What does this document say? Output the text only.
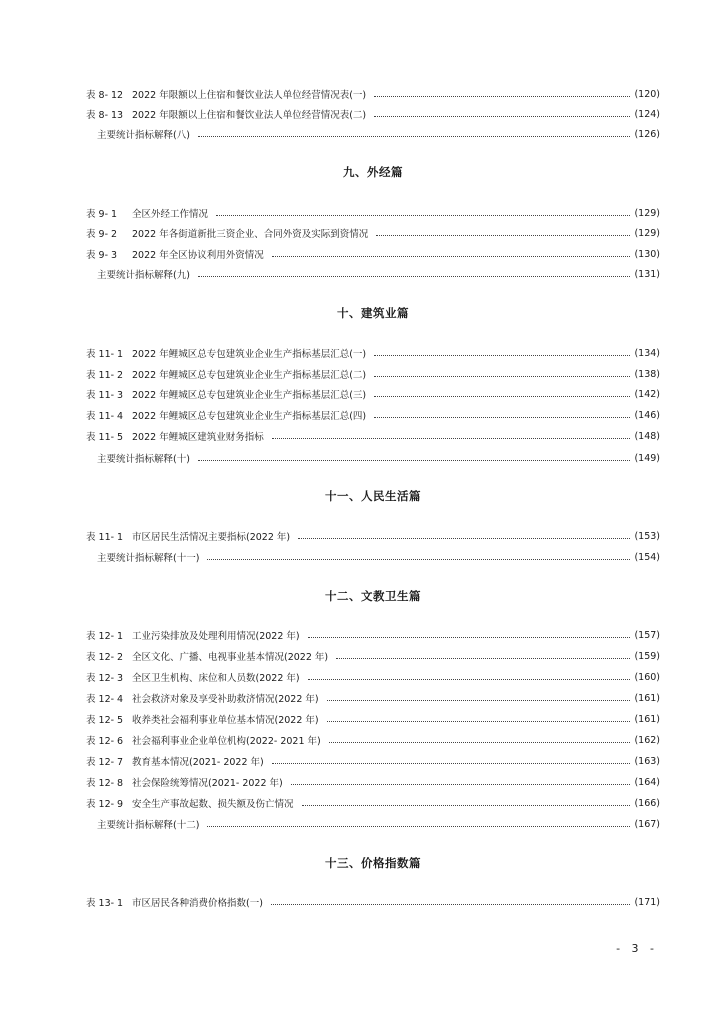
表 8- 12 2022 年限额以上住宿和餐饮业法人单位经营情况表(一)	(120)
表 8- 13 2022 年限额以上住宿和餐饮业法人单位经营情况表(二)	(124)
主要统计指标解释(八)	(126)
九、外经篇
表 9- 1	全区外经工作情况	(129)
表 9- 2	2022 年各街道新批三资企业、合同外资及实际到资情况	(129)
表 9- 3	2022 年全区协议利用外资情况	(130)
主要统计指标解释(九)	(131)
十、建筑业篇
表 11- 1 2022 年鲤城区总专包建筑业企业生产指标基层汇总(一)	(134)
表 11- 2 2022 年鲤城区总专包建筑业企业生产指标基层汇总(二)	(138)
表 11- 3 2022 年鲤城区总专包建筑业企业生产指标基层汇总(三)	(142)
表 11- 4 2022 年鲤城区总专包建筑业企业生产指标基层汇总(四)	(146)
表 11- 5 2022 年鲤城区建筑业财务指标	(148)
主要统计指标解释(十)	(149)
十一、人民生活篇
表 11- 1 市区居民生活情况主要指标(2022 年)	(153)
主要统计指标解释(十一)	(154)
十二、文教卫生篇
表 12- 1 工业污染排放及处理利用情况(2022 年)	(157)
表 12- 2 全区文化、广播、电视事业基本情况(2022 年)	(159)
表 12- 3 全区卫生机构、床位和人员数(2022 年)	(160)
表 12- 4 社会救济对象及享受补助救济情况(2022 年)	(161)
表 12- 5 收养类社会福利事业单位基本情况(2022 年)	(161)
表 12- 6 社会福利事业企业单位机构(2022- 2021 年)	(162)
表 12- 7 教育基本情况(2021- 2022 年)	(163)
表 12- 8 社会保险统筹情况(2021- 2022 年)	(164)
表 12- 9 安全生产事故起数、损失额及伤亡情况	(166)
主要统计指标解释(十二)	(167)
十三、价格指数篇
表 13- 1 市区居民各种消费价格指数(一)	(171)
- 3 -
